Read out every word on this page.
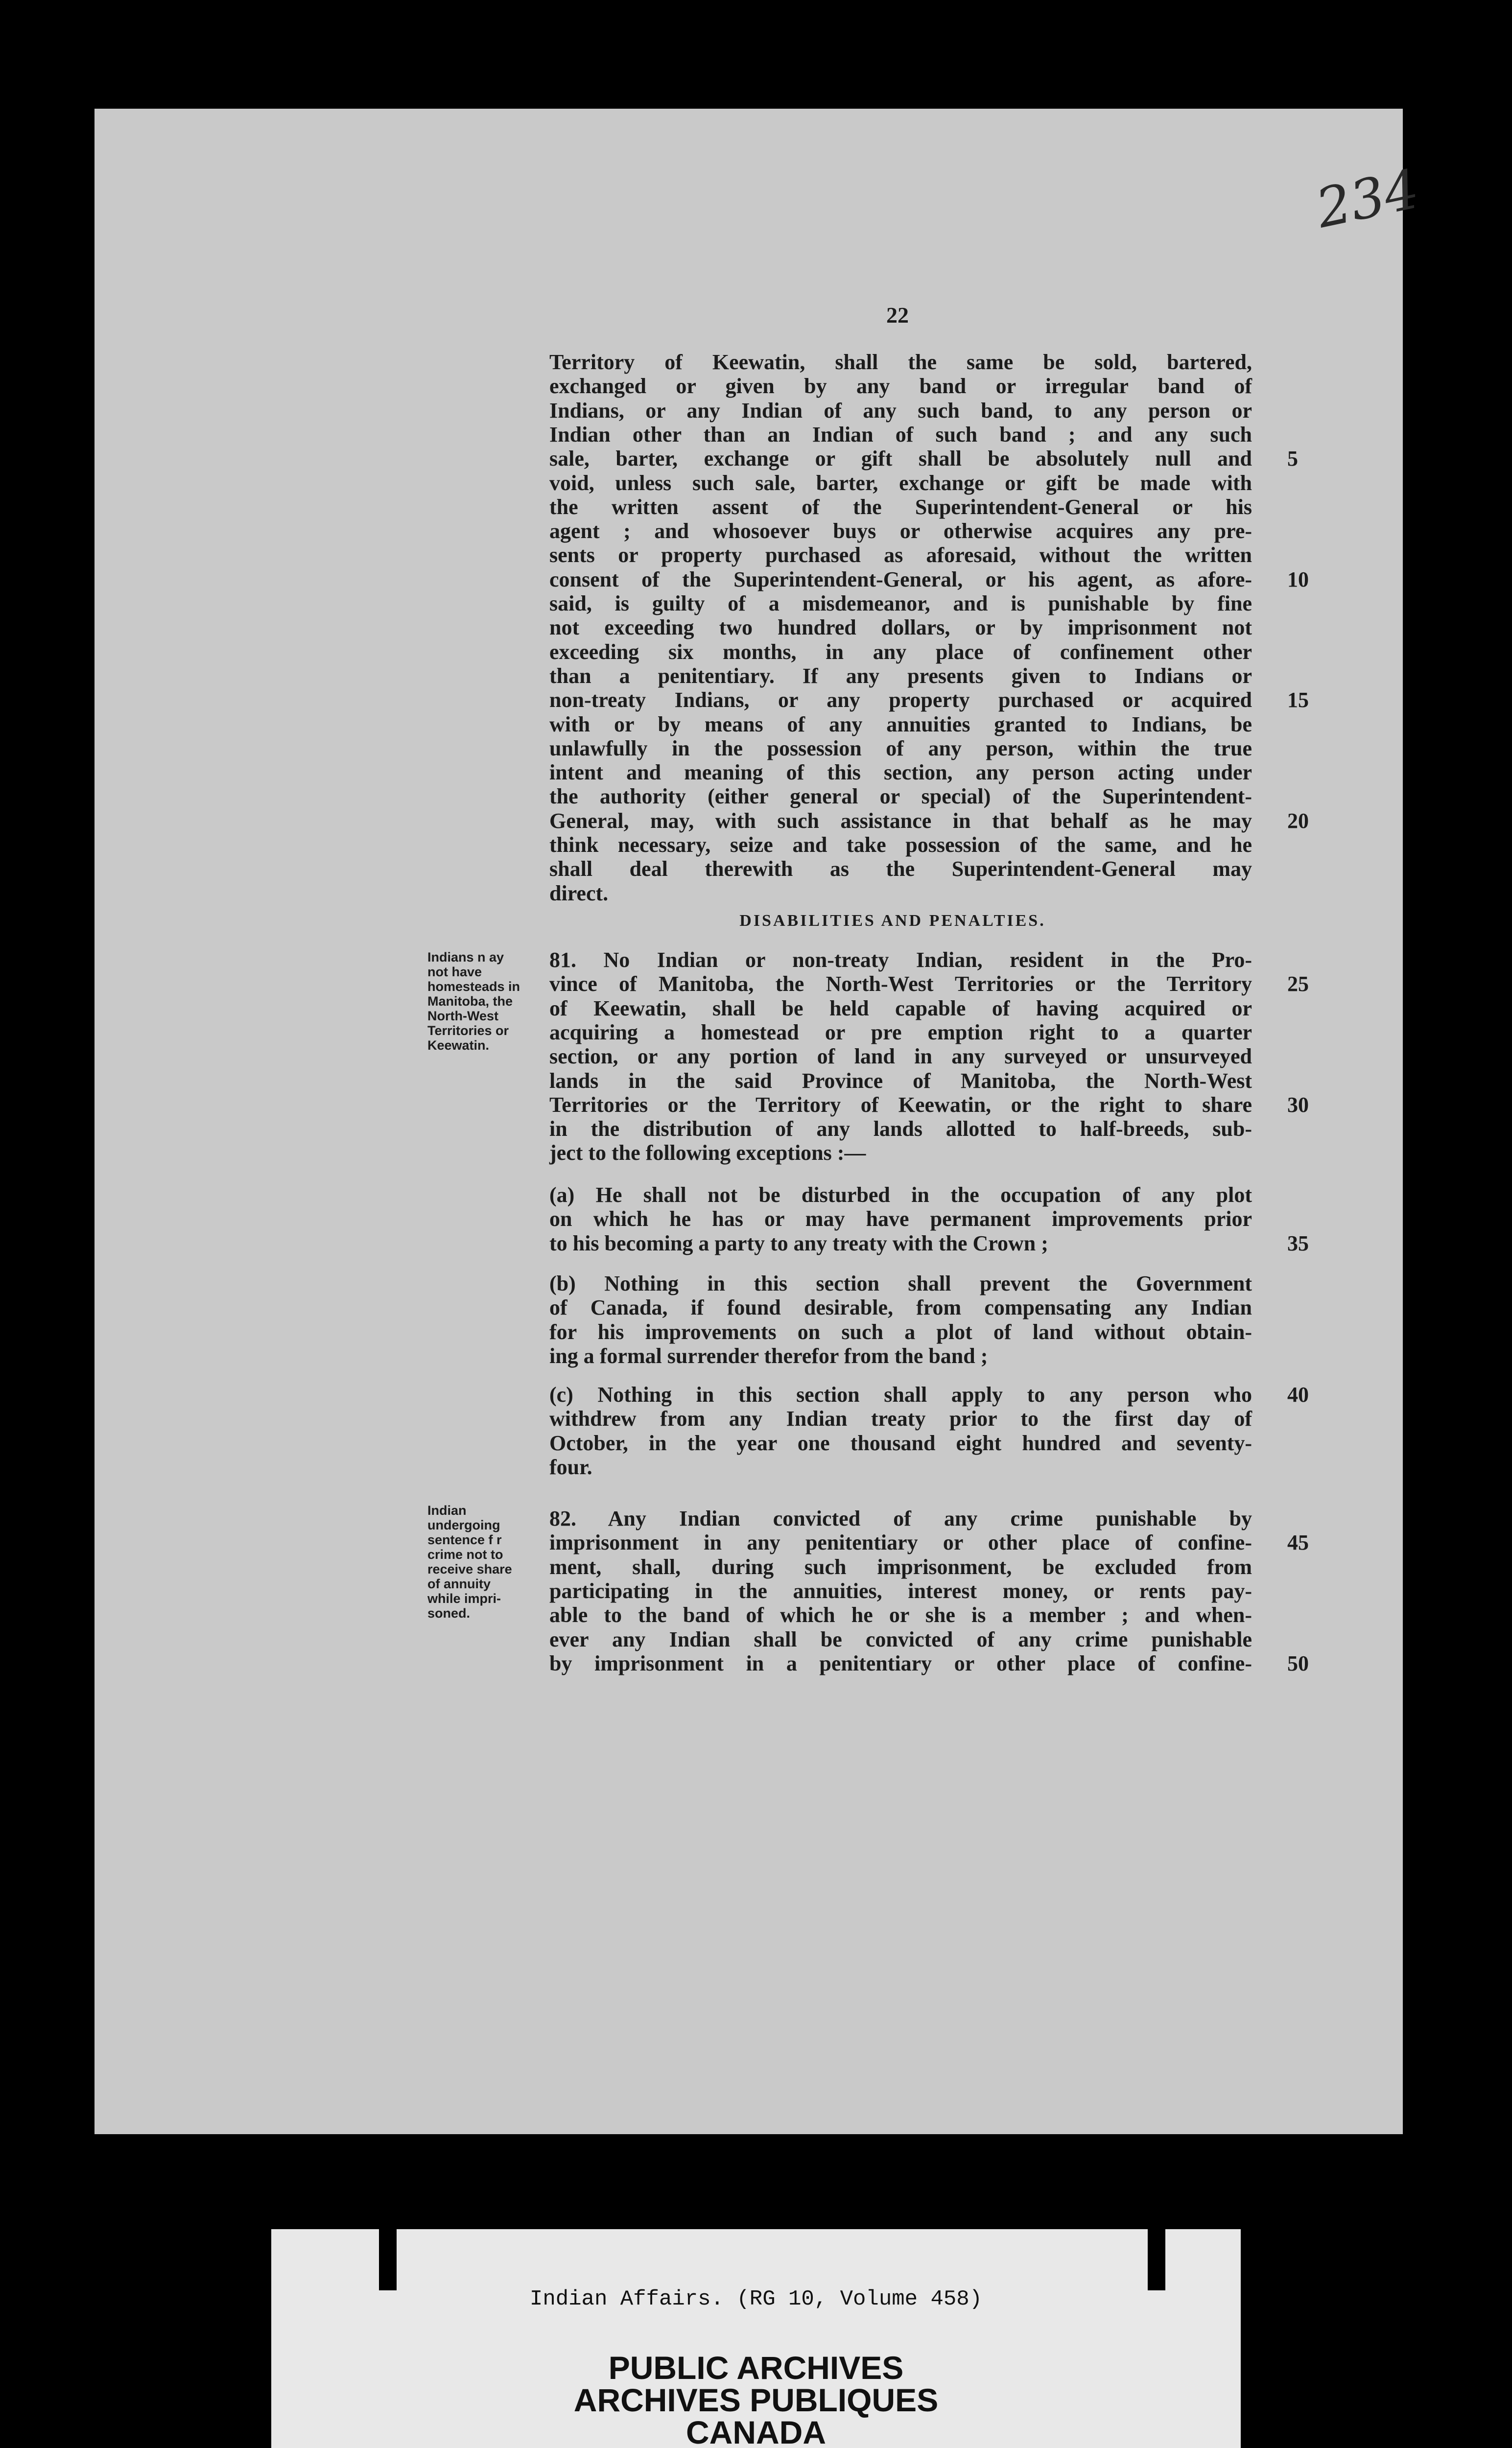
234
22
Territory of Keewatin, shall the same be sold, bartered,
exchanged or given by any band or irregular band of
Indians, or any Indian of any such band, to any person or
Indian other than an Indian of such band ; and any such
sale, barter, exchange or gift shall be absolutely null and 5
void, unless such sale, barter, exchange or gift be made with
the written assent of the Superintendent-General or his
agent ; and whosoever buys or otherwise acquires any pre-
sents or property purchased as aforesaid, without the written
consent of the Superintendent-General, or his agent, as afore- 10
said, is guilty of a misdemeanor, and is punishable by fine
not exceeding two hundred dollars, or by imprisonment not
exceeding six months, in any place of confinement other
than a penitentiary. If any presents given to Indians or
non-treaty Indians, or any property purchased or acquired 15
with or by means of any annuities granted to Indians, be
unlawfully in the possession of any person, within the true
intent and meaning of this section, any person acting under
the authority (either general or special) of the Superintendent-
General, may, with such assistance in that behalf as he may 20
think necessary, seize and take possession of the same, and he
shall deal therewith as the Superintendent-General may
direct.
DISABILITIES AND PENALTIES.
81. No Indian or non-treaty Indian, resident in the Pro-
vince of Manitoba, the North-West Territories or the Territory 25
of Keewatin, shall be held capable of having acquired or
acquiring a homestead or pre emption right to a quarter
section, or any portion of land in any surveyed or unsurveyed
lands in the said Province of Manitoba, the North-West
Territories or the Territory of Keewatin, or the right to share 30
in the distribution of any lands allotted to half-breeds, sub-
ject to the following exceptions :—
(a) He shall not be disturbed in the occupation of any plot
on which he has or may have permanent improvements prior
to his becoming a party to any treaty with the Crown ;	35
(b) Nothing in this section shall prevent the Government
of Canada, if found desirable, from compensating any Indian
for his improvements on such a plot of land without obtain-
ing a formal surrender therefor from the band ;
(c) Nothing in this section shall apply to any person who 40
withdrew from any Indian treaty prior to the first day of
October, in the year one thousand eight hundred and seventy-
four.
82. Any Indian convicted of any crime punishable by
imprisonment in any penitentiary or other place of confine- 45
ment, shall, during such imprisonment, be excluded from
participating in the annuities, interest money, or rents pay-
able to the band of which he or she is a member ; and when-
ever any Indian shall be convicted of any crime punishable
by imprisonment in a penitentiary or other place of confine- 50
Indians n ay
not have
homesteads in
Manitoba, the
North-West
Territories or
Keewatin.
Indian
undergoing
sentence f r
crime not to
receive share
of annuity
while impri-
soned.
Indian Affairs. (RG 10, Volume 458)
PUBLIC ARCHIVES
ARCHIVES PUBLIQUES
CANADA
